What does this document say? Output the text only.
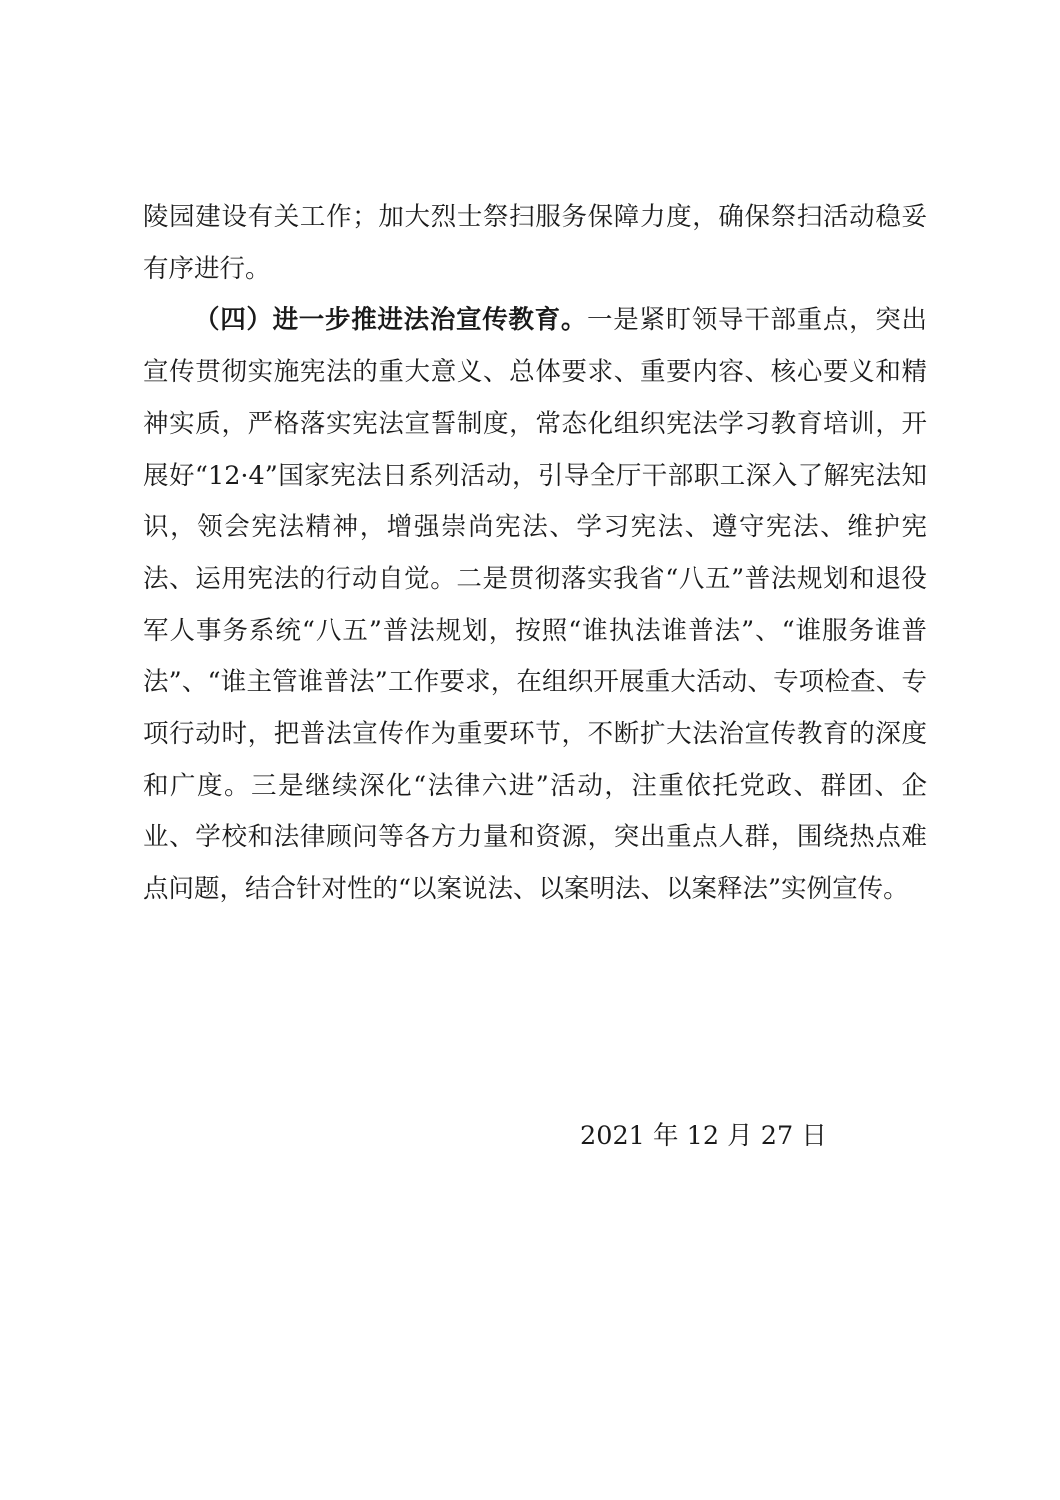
陵园建设有关工作；加大烈士祭扫服务保障力度，确保祭扫活动稳妥有序进行。

（四）进一步推进法治宣传教育。一是紧盯领导干部重点，突出宣传贯彻实施宪法的重大意义、总体要求、重要内容、核心要义和精神实质，严格落实宪法宣誓制度，常态化组织宪法学习教育培训，开展好“12·4”国家宪法日系列活动，引导全厅干部职工深入了解宪法知识，领会宪法精神，增强崇尚宪法、学习宪法、遵守宪法、维护宪法、运用宪法的行动自觉。二是贯彻落实我省“八五”普法规划和退役军人事务系统“八五”普法规划，按照“谁执法谁普法”、“谁服务谁普法”、“谁主管谁普法”工作要求，在组织开展重大活动、专项检查、专项行动时，把普法宣传作为重要环节，不断扩大法治宣传教育的深度和广度。三是继续深化“法律六进”活动，注重依托党政、群团、企业、学校和法律顾问等各方力量和资源，突出重点人群，围绕热点难点问题，结合针对性的“以案说法、以案明法、以案释法”实例宣传。

2021 年 12 月 27 日
